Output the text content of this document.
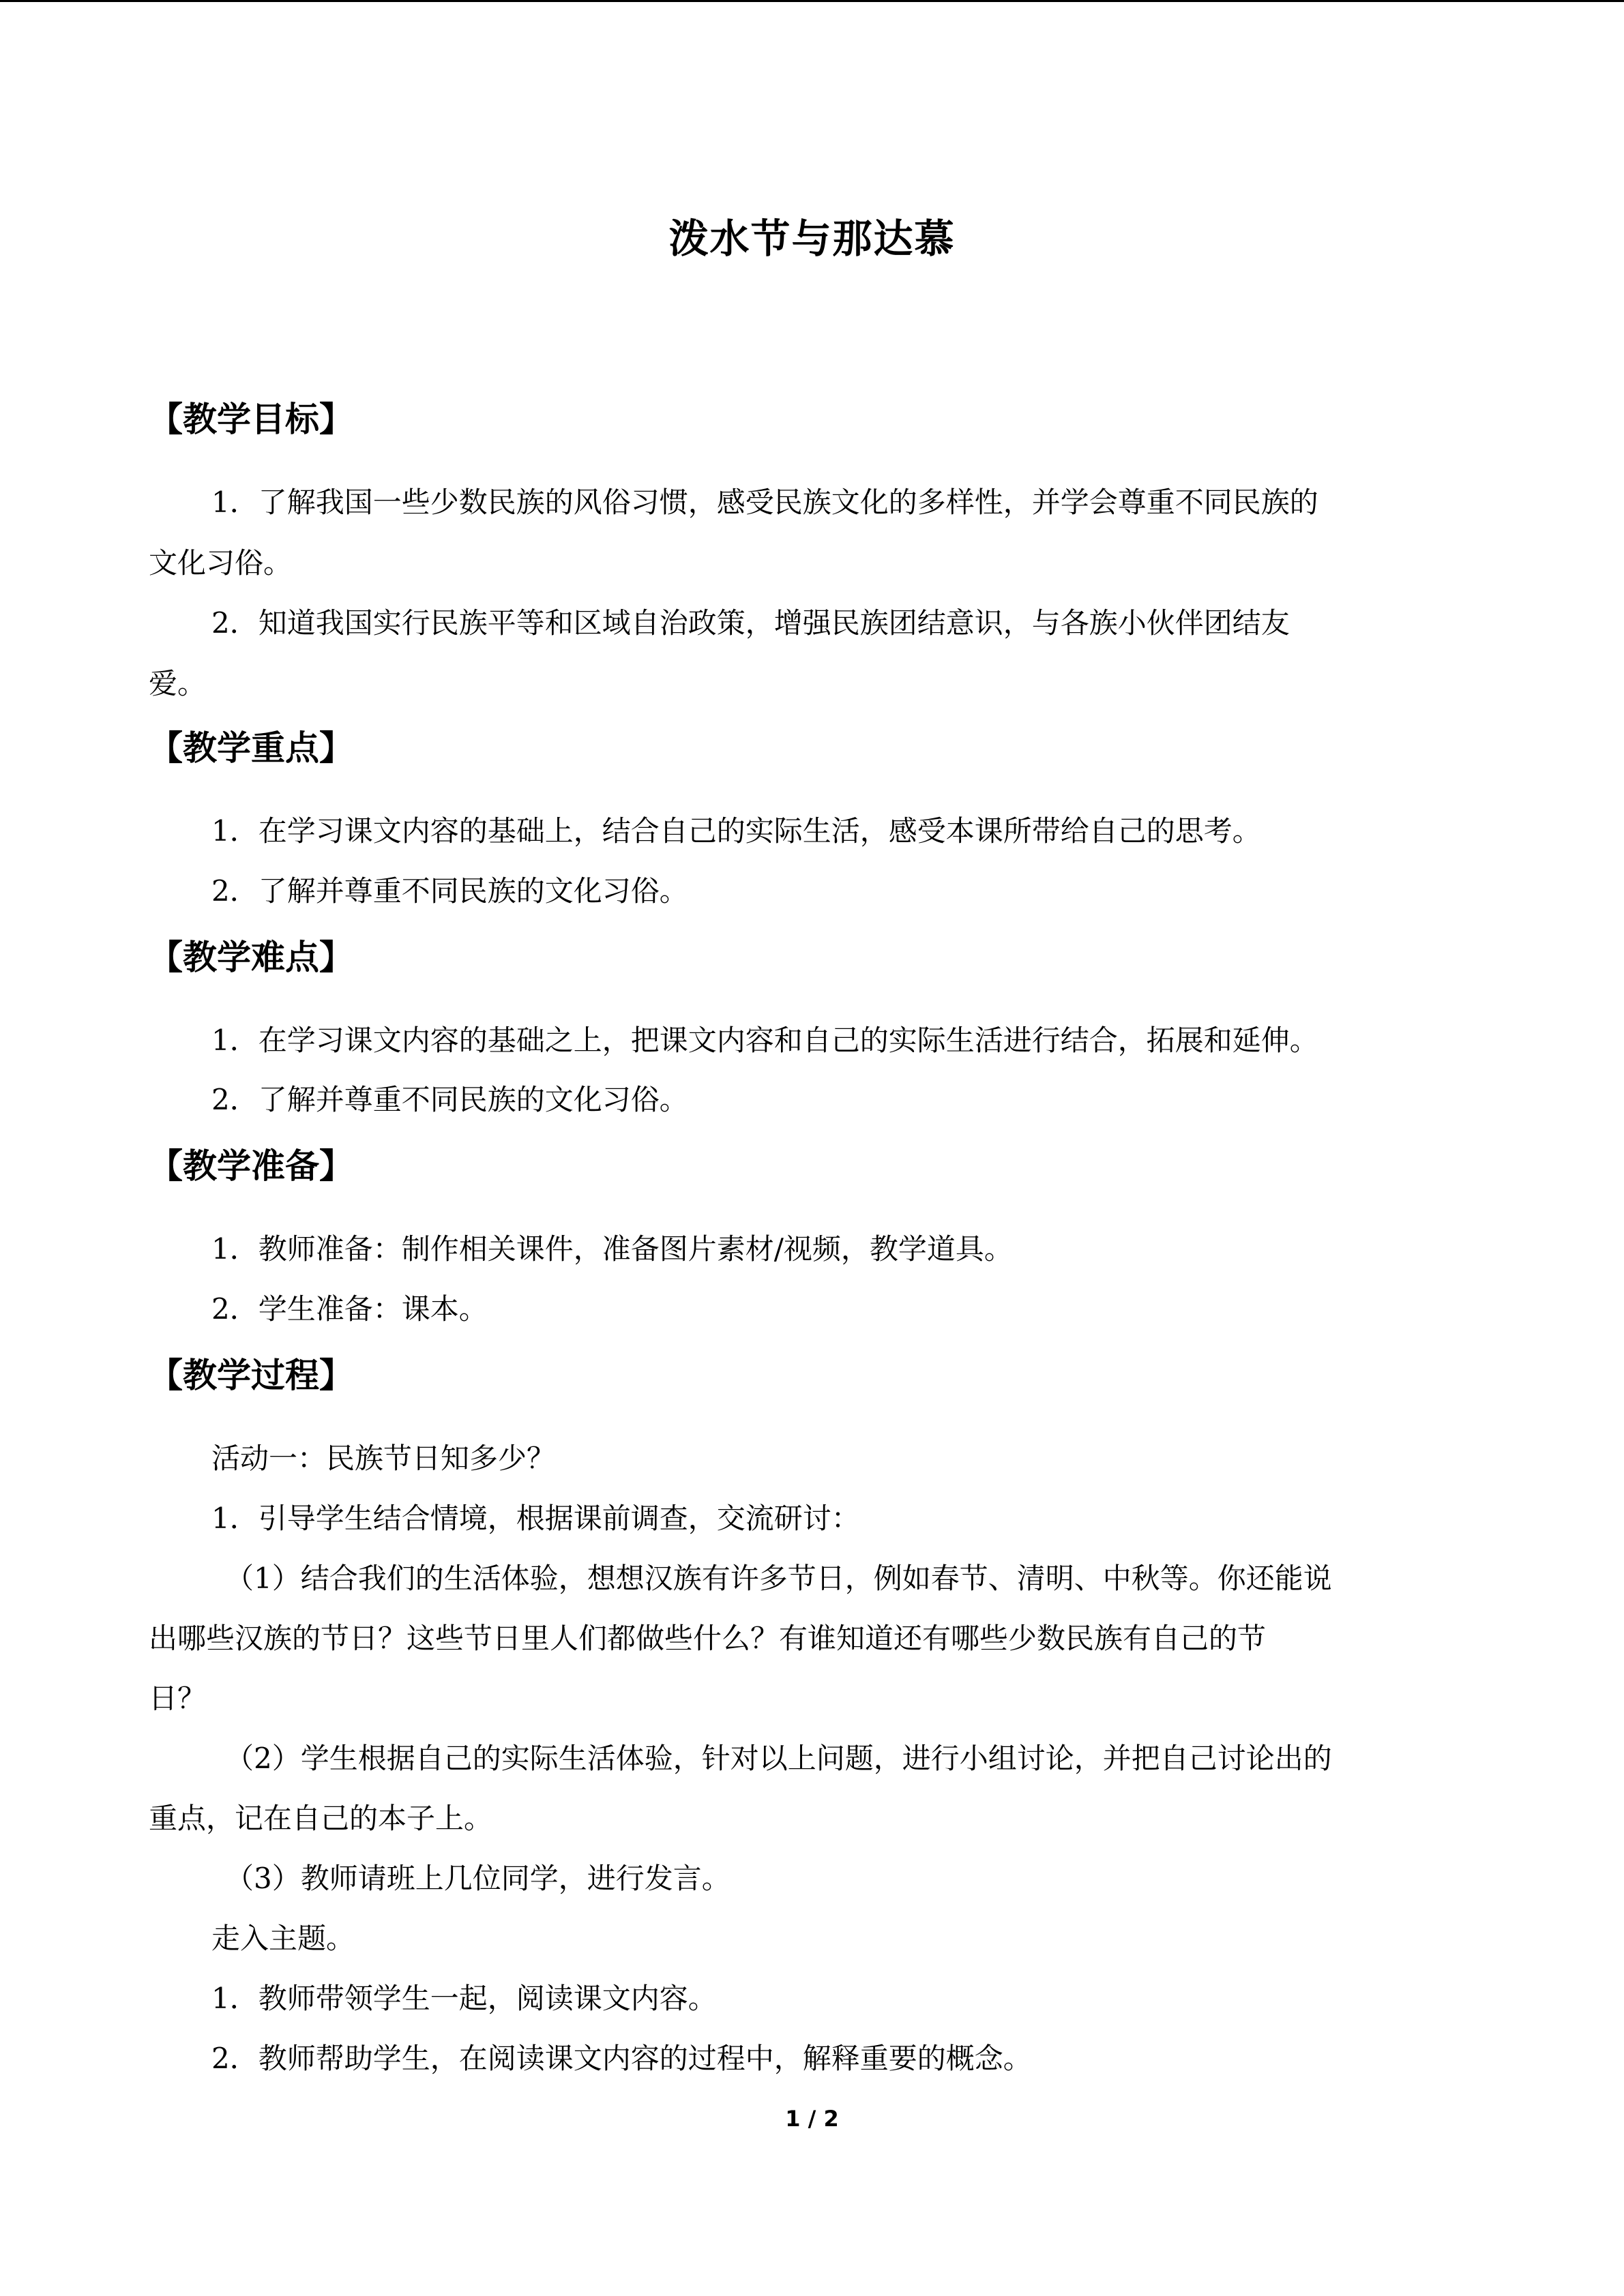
泼水节与那达慕
【教学目标】
1．了解我国一些少数民族的风俗习惯，感受民族文化的多样性，并学会尊重不同民族的
文化习俗。
2．知道我国实行民族平等和区域自治政策，增强民族团结意识，与各族小伙伴团结友
爱。
【教学重点】
1．在学习课文内容的基础上，结合自己的实际生活，感受本课所带给自己的思考。
2．了解并尊重不同民族的文化习俗。
【教学难点】
1．在学习课文内容的基础之上，把课文内容和自己的实际生活进行结合，拓展和延伸。
2．了解并尊重不同民族的文化习俗。
【教学准备】
1．教师准备：制作相关课件，准备图片素材/视频，教学道具。
2．学生准备：课本。
【教学过程】
活动一：民族节日知多少？
1．引导学生结合情境，根据课前调查，交流研讨：
（1）结合我们的生活体验，想想汉族有许多节日，例如春节、清明、中秋等。你还能说
出哪些汉族的节日？这些节日里人们都做些什么？有谁知道还有哪些少数民族有自己的节
日？
（2）学生根据自己的实际生活体验，针对以上问题，进行小组讨论，并把自己讨论出的
重点，记在自己的本子上。
（3）教师请班上几位同学，进行发言。
走入主题。
1．教师带领学生一起，阅读课文内容。
2．教师帮助学生，在阅读课文内容的过程中，解释重要的概念。
1 / 2
